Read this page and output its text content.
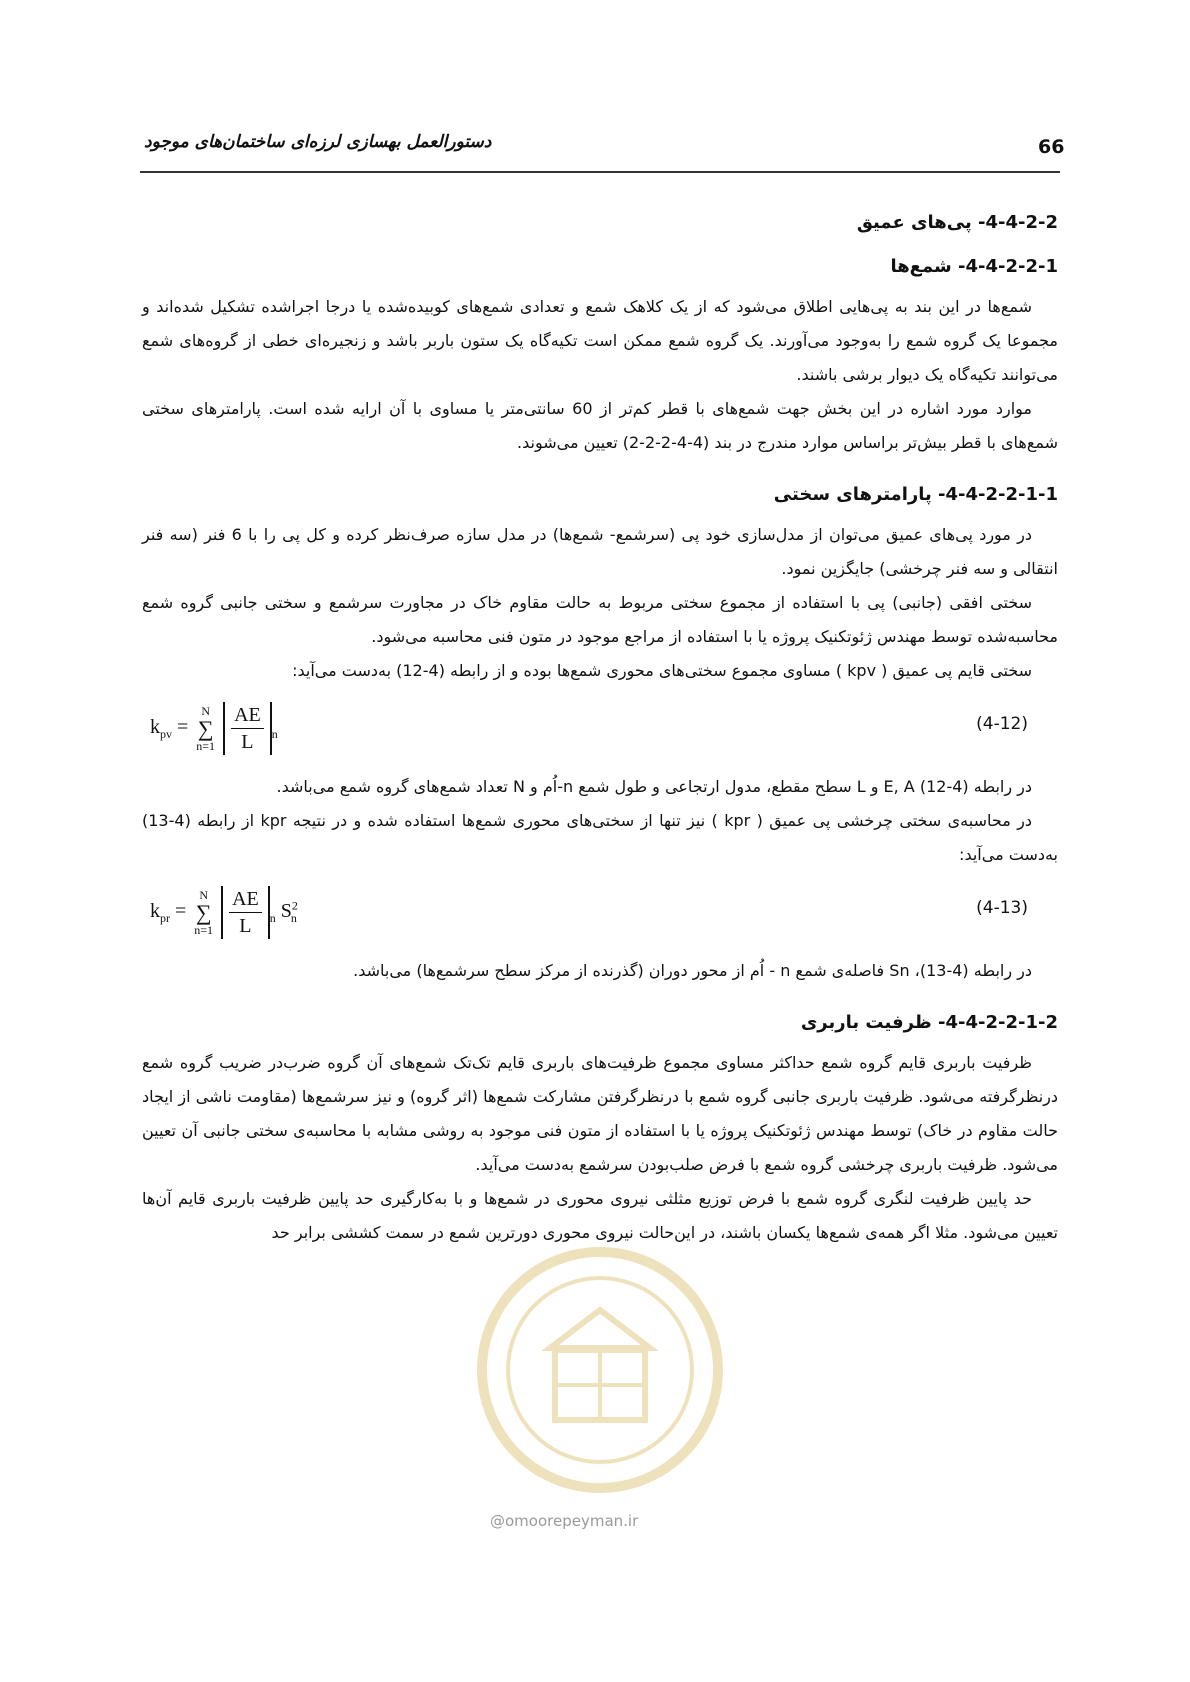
66
دستورالعمل بهسازی لرزه‌ای ساختمان‌های موجود
4-4-2-2- پی‌های عمیق
4-4-2-2-1- شمع‌ها

شمع‌ها در این بند به پی‌هایی اطلاق می‌شود که از یک کلاهک شمع و تعدادی شمع‌های کوبیده‌شده یا درجا اجراشده تشکیل شده‌اند و مجموعا یک گروه شمع را به‌وجود می‌آورند. یک گروه شمع ممکن است تکیه‌گاه یک ستون باربر باشد و زنجیره‌ای خطی از گروه‌های شمع می‌توانند تکیه‌گاه یک دیوار برشی باشند.

موارد مورد اشاره در این بخش جهت شمع‌های با قطر کم‌تر از 60 سانتی‌متر یا مساوی با آن ارایه شده است. پارامترهای سختی شمع‌های با قطر بیش‌تر براساس موارد مندرج در بند (4-4-2-2-2) تعیین می‌شوند.

4-4-2-2-1-1- پارامترهای سختی

در مورد پی‌های عمیق می‌توان از مدل‌سازی خود پی (سرشمع- شمع‌ها) در مدل سازه صرف‌نظر کرده و کل پی را با 6 فنر (سه فنر انتقالی و سه فنر چرخشی) جایگزین نمود.

سختی افقی (جانبی) پی با استفاده از مجموع سختی مربوط به حالت مقاوم خاک در مجاورت سرشمع و سختی جانبی گروه شمع محاسبه‌شده توسط مهندس ژئوتکنیک پروژه یا با استفاده از مراجع موجود در متون فنی محاسبه می‌شود.

سختی قایم پی عمیق ( kpv ) مساوی مجموع سختی‌های محوری شمع‌ها بوده و از رابطه (4-12) به‌دست می‌آید:

$k_{pv}$ =
N
∑
n=1
$\frac{AE}{L} _n$
(4-12)

در رابطه (4-12) E, A و L سطح مقطع، مدول ارتجاعی و طول شمع n-اُم و N تعداد شمع‌های گروه شمع می‌باشد.

در محاسبه‌ی سختی چرخشی پی عمیق ( kpr ) نیز تنها از سختی‌های محوری شمع‌ها استفاده شده و در نتیجه kpr از رابطه (4-13) به‌دست می‌آید:

$k_{pr}$ =
N
∑
n=1
$\frac{AE}{L} _n$ $S^2_n$
(4-13)

در رابطه (4-13)، Sn فاصله‌ی شمع n - اُم از محور دوران (گذرنده از مرکز سطح سرشمع‌ها) می‌باشد.

4-4-2-2-1-2- ظرفیت باربری

ظرفیت باربری قایم گروه شمع حداکثر مساوی مجموع ظرفیت‌های باربری قایم تک‌تک شمع‌های آن گروه ضرب‌در ضریب گروه شمع درنظرگرفته می‌شود. ظرفیت باربری جانبی گروه شمع با درنظرگرفتن مشارکت شمع‌ها (اثر گروه) و نیز سرشمع‌ها (مقاومت ناشی از ایجاد حالت مقاوم در خاک) توسط مهندس ژئوتکنیک پروژه یا با استفاده از متون فنی موجود به روشی مشابه با محاسبه‌ی سختی جانبی آن تعیین می‌شود. ظرفیت باربری چرخشی گروه شمع با فرض صلب‌بودن سرشمع به‌دست می‌آید.

حد پایین ظرفیت لنگری گروه شمع با فرض توزیع مثلثی نیروی محوری در شمع‌ها و با به‌کارگیری حد پایین ظرفیت باربری قایم آن‌ها تعیین می‌شود. مثلا اگر همه‌ی شمع‌ها یکسان باشند، در این‌حالت نیروی محوری دورترین شمع در سمت کششی برابر حد

@omoorepeyman.ir
